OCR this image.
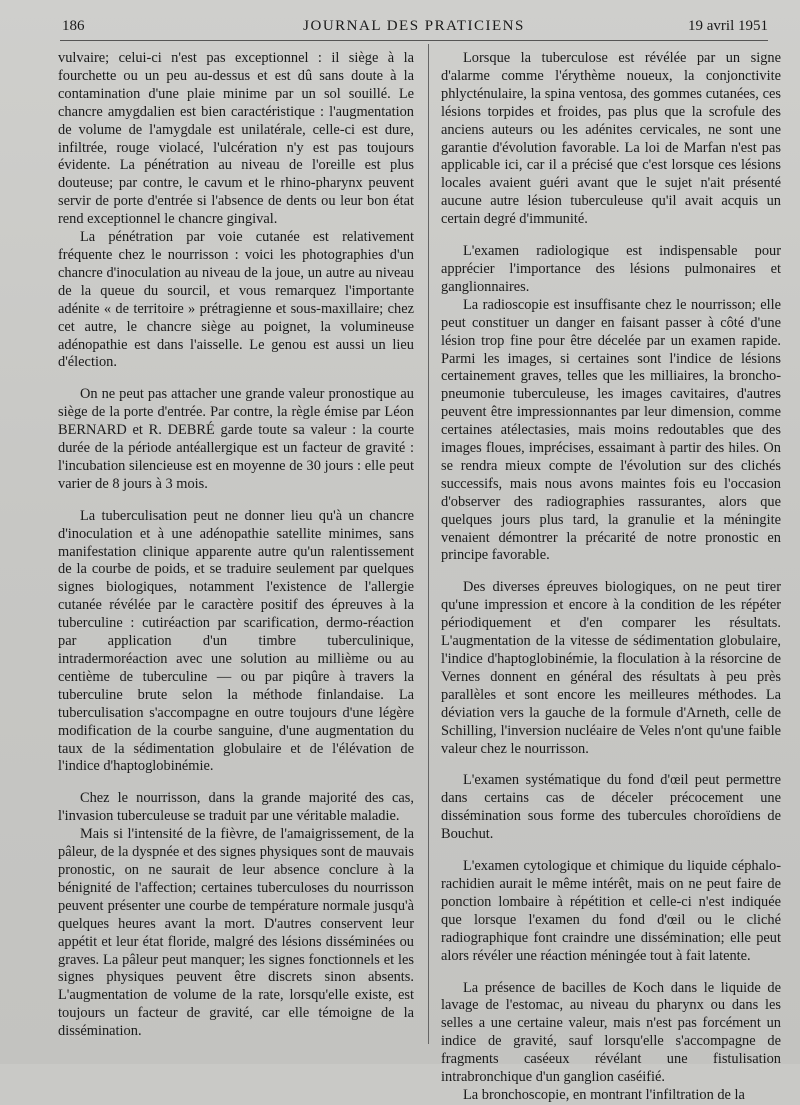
186	JOURNAL DES PRATICIENS	19 avril 1951

vulvaire; celui-ci n'est pas exceptionnel : il siège à la fourchette ou un peu au-dessus et est dû sans doute à la contamination d'une plaie minime par un sol souillé. Le chancre amygdalien est bien caractéristique : l'augmentation de volume de l'amygdale est unilatérale, celle-ci est dure, infiltrée, rouge violacé, l'ulcération n'y est pas toujours évidente. La pénétration au niveau de l'oreille est plus douteuse; par contre, le cavum et le rhino-pharynx peuvent servir de porte d'entrée si l'absence de dents ou leur bon état rend exceptionnel le chancre gingival.

La pénétration par voie cutanée est relativement fréquente chez le nourrisson : voici les photographies d'un chancre d'inoculation au niveau de la joue, un autre au niveau de la queue du sourcil, et vous remarquez l'importante adénite « de territoire » prétragienne et sous-maxillaire; chez cet autre, le chancre siège au poignet, la volumineuse adénopathie est dans l'aisselle. Le genou est aussi un lieu d'élection.

On ne peut pas attacher une grande valeur pronostique au siège de la porte d'entrée. Par contre, la règle émise par Léon BERNARD et R. DEBRÉ garde toute sa valeur : la courte durée de la période antéallergique est un facteur de gravité : l'incubation silencieuse est en moyenne de 30 jours : elle peut varier de 8 jours à 3 mois.

La tuberculisation peut ne donner lieu qu'à un chancre d'inoculation et à une adénopathie satellite minimes, sans manifestation clinique apparente autre qu'un ralentissement de la courbe de poids, et se traduire seulement par quelques signes biologiques, notamment l'existence de l'allergie cutanée révélée par le caractère positif des épreuves à la tuberculine : cutiréaction par scarification, dermo-réaction par application d'un timbre tuberculinique, intradermoréaction avec une solution au millième ou au centième de tuberculine — ou par piqûre à travers la tuberculine brute selon la méthode finlandaise. La tuberculisation s'accompagne en outre toujours d'une légère modification de la courbe sanguine, d'une augmentation du taux de la sédimentation globulaire et de l'élévation de l'indice d'haptoglobinémie.

Chez le nourrisson, dans la grande majorité des cas, l'invasion tuberculeuse se traduit par une véritable maladie.

Mais si l'intensité de la fièvre, de l'amaigrissement, de la pâleur, de la dyspnée et des signes physiques sont de mauvais pronostic, on ne saurait de leur absence conclure à la bénignité de l'affection; certaines tuberculoses du nourrisson peuvent présenter une courbe de température normale jusqu'à quelques heures avant la mort. D'autres conservent leur appétit et leur état floride, malgré des lésions disséminées ou graves. La pâleur peut manquer; les signes fonctionnels et les signes physiques peuvent être discrets sinon absents. L'augmentation de volume de la rate, lorsqu'elle existe, est toujours un facteur de gravité, car elle témoigne de la dissémination.

Lorsque la tuberculose est révélée par un signe d'alarme comme l'érythème noueux, la conjonctivite phlycténulaire, la spina ventosa, des gommes cutanées, ces lésions torpides et froides, pas plus que la scrofule des anciens auteurs ou les adénites cervicales, ne sont une garantie d'évolution favorable. La loi de Marfan n'est pas applicable ici, car il a précisé que c'est lorsque ces lésions locales avaient guéri avant que le sujet n'ait présenté aucune autre lésion tuberculeuse qu'il avait acquis un certain degré d'immunité.

L'examen radiologique est indispensable pour apprécier l'importance des lésions pulmonaires et ganglionnaires.

La radioscopie est insuffisante chez le nourrisson; elle peut constituer un danger en faisant passer à côté d'une lésion trop fine pour être décelée par un examen rapide. Parmi les images, si certaines sont l'indice de lésions certainement graves, telles que les milliaires, la broncho-pneumonie tuberculeuse, les images cavitaires, d'autres peuvent être impressionnantes par leur dimension, comme certaines atélectasies, mais moins redoutables que des images floues, imprécises, essaimant à partir des hiles. On se rendra mieux compte de l'évolution sur des clichés successifs, mais nous avons maintes fois eu l'occasion d'observer des radiographies rassurantes, alors que quelques jours plus tard, la granulie et la méningite venaient démontrer la précarité de notre pronostic en principe favorable.

Des diverses épreuves biologiques, on ne peut tirer qu'une impression et encore à la condition de les répéter périodiquement et d'en comparer les résultats. L'augmentation de la vitesse de sédimentation globulaire, l'indice d'haptoglobinémie, la floculation à la résorcine de Vernes donnent en général des résultats à peu près parallèles et sont encore les meilleures méthodes. La déviation vers la gauche de la formule d'Arneth, celle de Schilling, l'inversion nucléaire de Veles n'ont qu'une faible valeur chez le nourrisson.

L'examen systématique du fond d'œil peut permettre dans certains cas de déceler précocement une dissémination sous forme des tubercules choroïdiens de Bouchut.

L'examen cytologique et chimique du liquide céphalo-rachidien aurait le même intérêt, mais on ne peut faire de ponction lombaire à répétition et celle-ci n'est indiquée que lorsque l'examen du fond d'œil ou le cliché radiographique font craindre une dissémination; elle peut alors révéler une réaction méningée tout à fait latente.

La présence de bacilles de Koch dans le liquide de lavage de l'estomac, au niveau du pharynx ou dans les selles a une certaine valeur, mais n'est pas forcément un indice de gravité, sauf lorsqu'elle s'accompagne de fragments caséeux révélant une fistulisation intrabronchique d'un ganglion caséifié.

La bronchoscopie, en montrant l'infiltration de la
